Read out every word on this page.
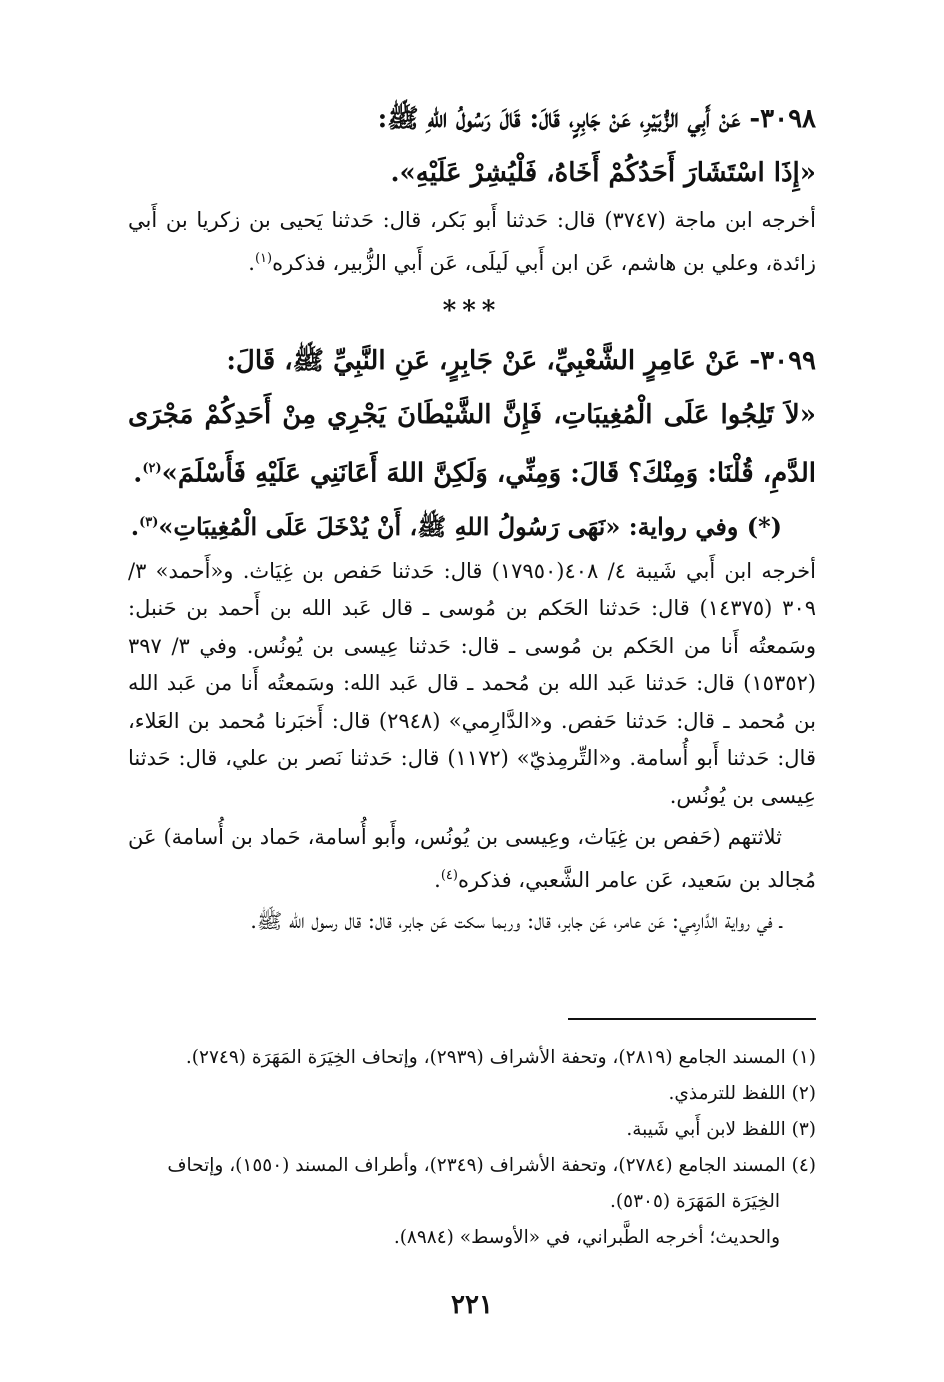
٣٠٩٨- عَنْ أَبِي الزُّبَيْرِ، عَنْ جَابِرٍ، قَالَ: قَالَ رَسُولُ اللهِ ﷺ:
«إِذَا اسْتَشَارَ أَحَدُكُمْ أَخَاهُ، فَلْيُشِرْ عَلَيْهِ».

أخرجه ابن ماجة (٣٧٤٧) قال: حَدثنا أَبو بَكر، قال: حَدثنا يَحيى بن زكريا بن أَبي زائدة، وعلي بن هاشم، عَن ابن أَبي لَيلَى، عَن أَبي الزُّبير، فذكره$^{(١)}$.

***

٣٠٩٩- عَنْ عَامِرٍ الشَّعْبِيِّ، عَنْ جَابِرٍ، عَنِ النَّبِيِّ ﷺ، قَالَ:
«لاَ تَلِجُوا عَلَى الْمُغِيبَاتِ، فَإِنَّ الشَّيْطَانَ يَجْرِي مِنْ أَحَدِكُمْ مَجْرَى الدَّمِ، قُلْنَا: وَمِنْكَ؟ قَالَ: وَمِنِّي، وَلَكِنَّ اللهَ أَعَانَنِي عَلَيْهِ فَأَسْلَمَ»$^{(٢)}$.

(*) وفي رواية: «نَهَى رَسُولُ اللهِ ﷺ، أَنْ يُدْخَلَ عَلَى الْمُغِيبَاتِ»$^{(٣)}$.

أخرجه ابن أَبي شَيبة ٤/ ٤٠٨(١٧٩٥٠) قال: حَدثنا حَفص بن غِيَاث. و«أَحمد» ٣/ ٣٠٩ (١٤٣٧٥) قال: حَدثنا الحَكم بن مُوسى ـ قال عَبد الله بن أَحمد بن حَنبل: وسَمعتُه أَنا من الحَكم بن مُوسى ـ قال: حَدثنا عِيسى بن يُونُس. وفي ٣/ ٣٩٧ (١٥٣٥٢) قال: حَدثنا عَبد الله بن مُحمد ـ قال عَبد الله: وسَمعتُه أَنا من عَبد الله بن مُحمد ـ قال: حَدثنا حَفص. و«الدَّارِمي» (٢٩٤٨) قال: أَخبَرنا مُحمد بن العَلاء، قال: حَدثنا أَبو أُسامة. و«التِّرمِذيّ» (١١٧٢) قال: حَدثنا نَصر بن علي، قال: حَدثنا عِيسى بن يُونُس.

ثلاثتهم (حَفص بن غِيَاث، وعِيسى بن يُونُس، وأَبو أُسامة، حَماد بن أُسامة) عَن مُجالد بن سَعيد، عَن عامر الشَّعبي، فذكره$^{(٤)}$.

ـ في رواية الدَّارِمي: عَن عامر، عَن جابر، قال: وربما سكت عَن جابر، قال: قال رسول الله ﷺ.

(١) المسند الجامع (٢٨١٩)، وتحفة الأشراف (٢٩٣٩)، وإتحاف الخِيَرَة المَهَرَة (٢٧٤٩).

(٢) اللفظ للترمذي.

(٣) اللفظ لابن أَبي شَيبة.

(٤) المسند الجامع (٢٧٨٤)، وتحفة الأشراف (٢٣٤٩)، وأطراف المسند (١٥٥٠)، وإتحاف

الخِيَرَة المَهَرَة (٥٣٠٥).

والحديث؛ أخرجه الطَّبراني، في «الأوسط» (٨٩٨٤).

٢٢١
